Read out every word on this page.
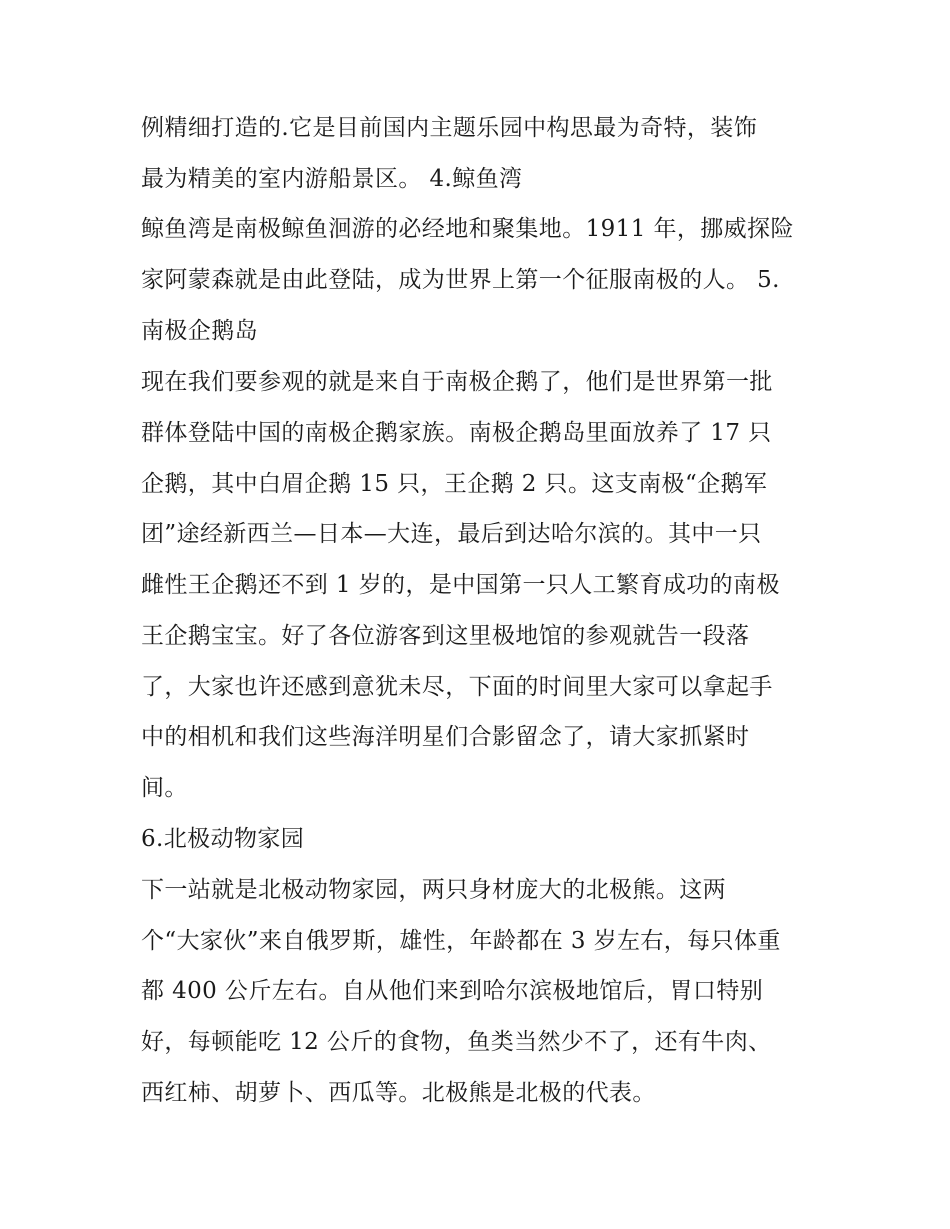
例精细打造的.它是目前国内主题乐园中构思最为奇特，装饰
最为精美的室内游船景区。 4.鲸鱼湾
鲸鱼湾是南极鲸鱼洄游的必经地和聚集地。1911 年，挪威探险
家阿蒙森就是由此登陆，成为世界上第一个征服南极的人。 5.
南极企鹅岛
现在我们要参观的就是来自于南极企鹅了，他们是世界第一批
群体登陆中国的南极企鹅家族。南极企鹅岛里面放养了 17 只
企鹅，其中白眉企鹅 15 只，王企鹅 2 只。这支南极“企鹅军
团”途经新西兰—日本—大连，最后到达哈尔滨的。其中一只
雌性王企鹅还不到 1 岁的，是中国第一只人工繁育成功的南极
王企鹅宝宝。好了各位游客到这里极地馆的参观就告一段落
了，大家也许还感到意犹未尽，下面的时间里大家可以拿起手
中的相机和我们这些海洋明星们合影留念了，请大家抓紧时
间。
6.北极动物家园
下一站就是北极动物家园，两只身材庞大的北极熊。这两
个“大家伙”来自俄罗斯，雄性，年龄都在 3 岁左右，每只体重
都 400 公斤左右。自从他们来到哈尔滨极地馆后，胃口特别
好，每顿能吃 12 公斤的食物，鱼类当然少不了，还有牛肉、
西红柿、胡萝卜、西瓜等。北极熊是北极的代表。
